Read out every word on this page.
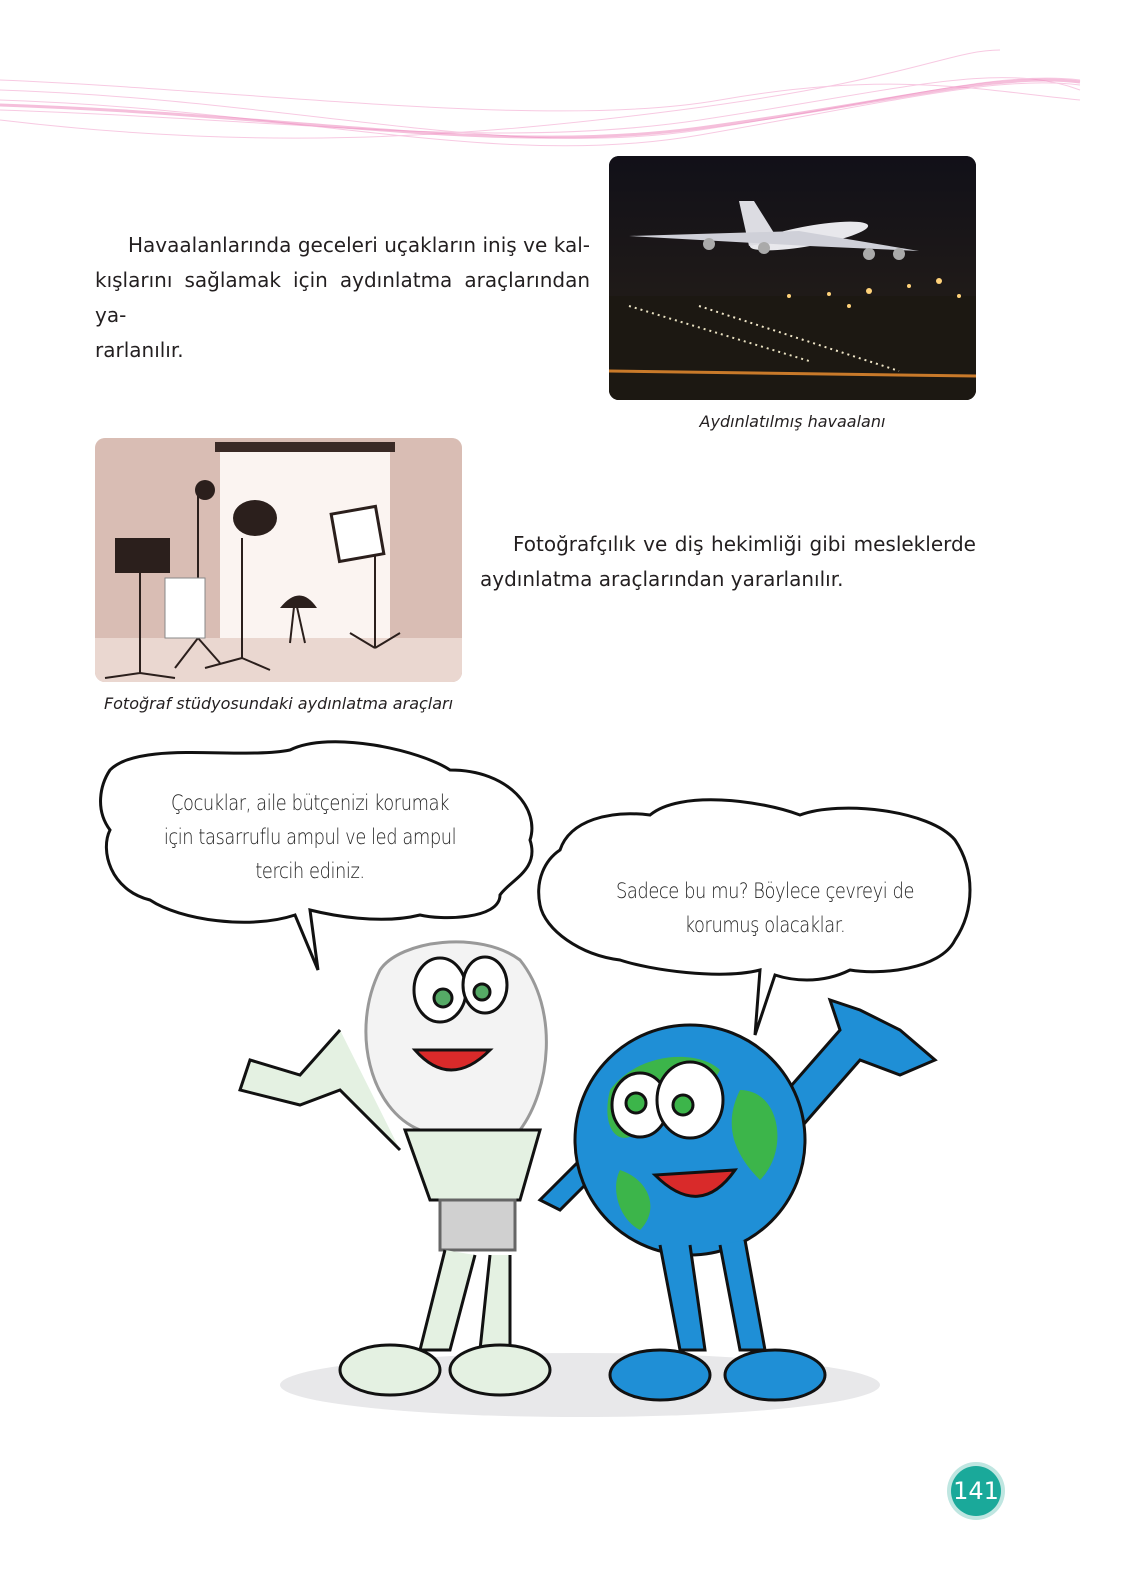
Havaalanlarında geceleri uçakların iniş ve kal-
kışlarını sağlamak için aydınlatma araçlarından ya-
rarlanılır.
Aydınlatılmış havaalanı
Fotoğraf stüdyosundaki aydınlatma araçları
Fotoğrafçılık ve diş hekimliği gibi mesleklerde
aydınlatma araçlarından yararlanılır.
Çocuklar, aile bütçenizi korumak
için tasarruflu ampul ve led ampul
tercih ediniz.
Sadece bu mu? Böylece çevreyi de
korumuş olacaklar.
141
